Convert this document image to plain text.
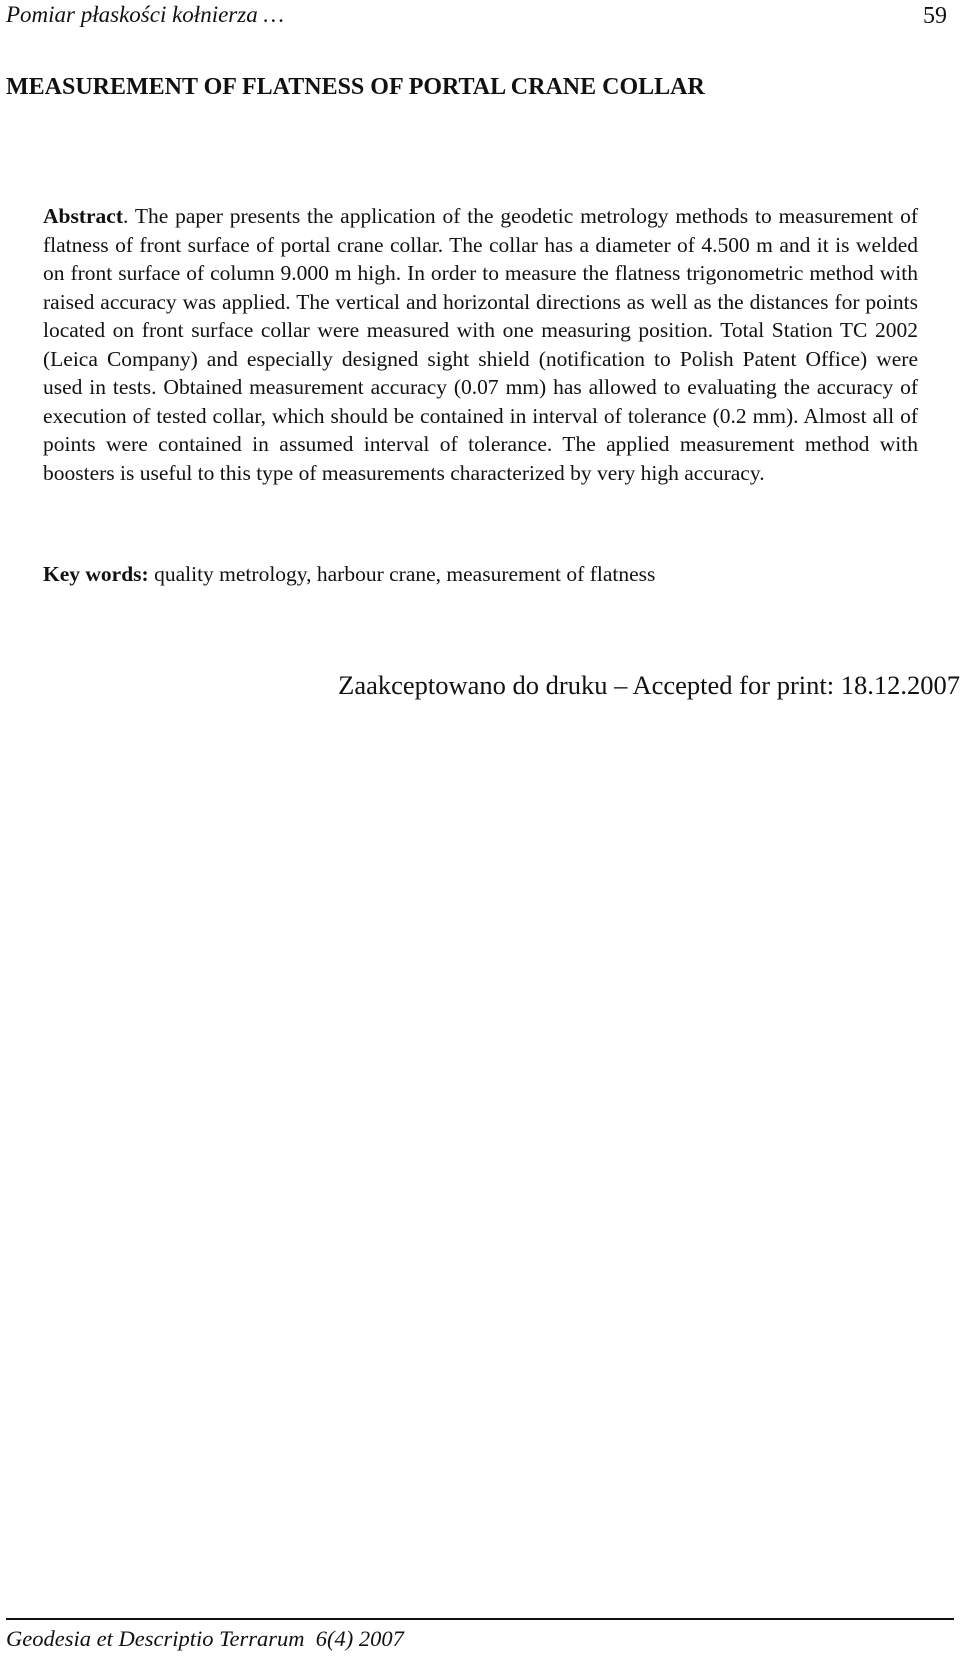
Pomiar płaskości kołnierza …	59
MEASUREMENT OF FLATNESS OF PORTAL CRANE COLLAR

Abstract. The paper presents the application of the geodetic metrology methods to measurement of flatness of front surface of portal crane collar. The collar has a diameter of 4.500 m and it is welded on front surface of column 9.000 m high. In order to measure the flatness trigonometric method with raised accuracy was applied. The vertical and horizontal directions as well as the distances for points located on front surface collar were measured with one measuring position. Total Station TC 2002 (Leica Company) and especially designed sight shield (notification to Polish Patent Office) were used in tests. Obtained measurement accuracy (0.07 mm) has allowed to evaluating the accuracy of execution of tested collar, which should be contained in interval of tolerance (0.2 mm). Almost all of points were contained in assumed interval of tolerance. The applied measurement method with boosters is useful to this type of measurements characterized by very high accuracy.

Key words: quality metrology, harbour crane, measurement of flatness

Zaakceptowano do druku – Accepted for print: 18.12.2007
Geodesia et Descriptio Terrarum  6(4) 2007
